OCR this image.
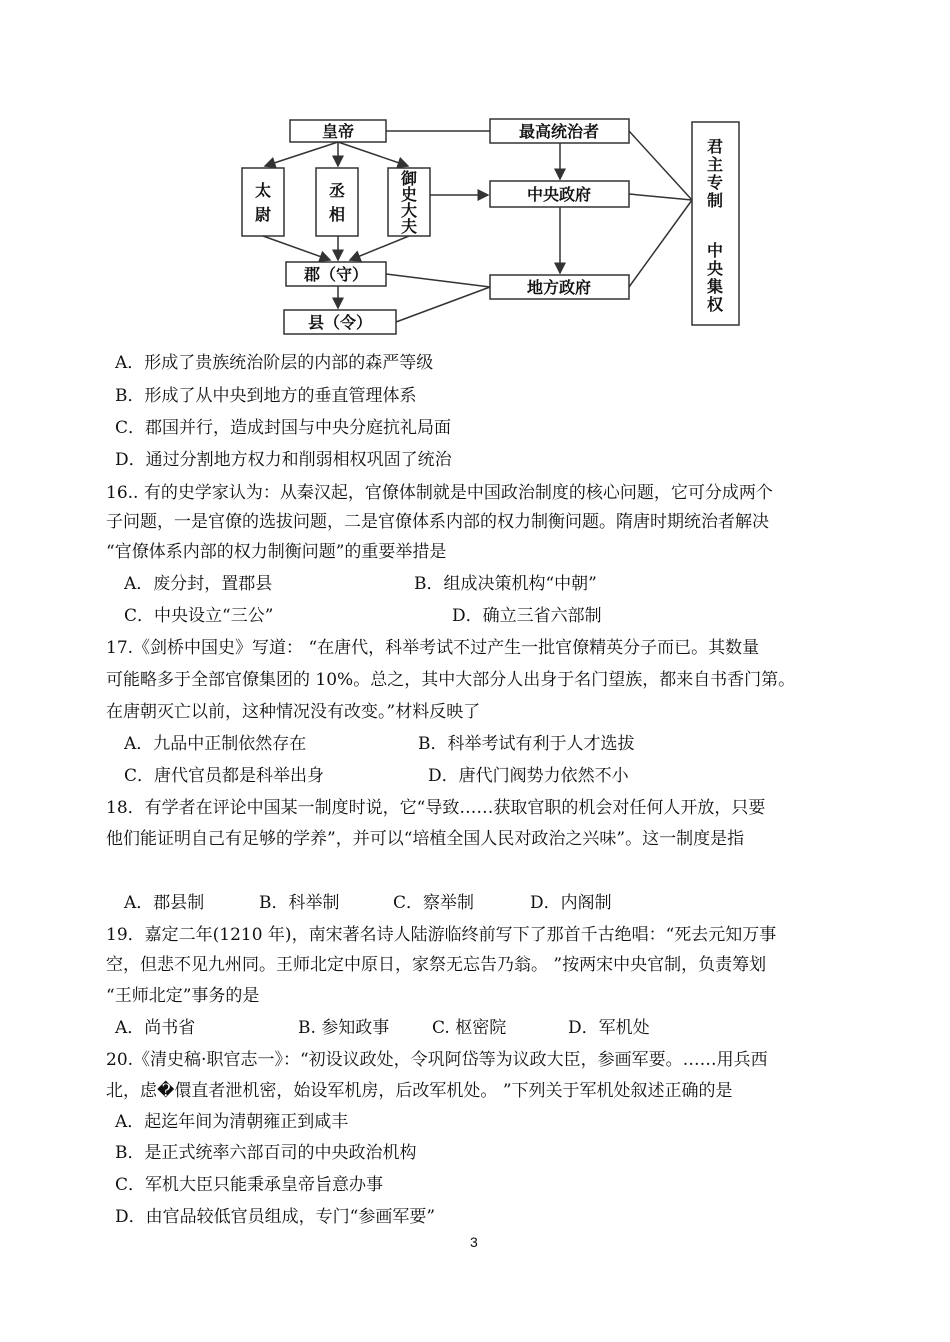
皇帝	最高统治者
太
尉
丞
相
御
史
大
夫
中央政府
郡（守）
地方政府
县（令）
君
主
专
制
中
央
集
权
A．形成了贵族统治阶层的内部的森严等级
B．形成了从中央到地方的垂直管理体系
C．郡国并行，造成封国与中央分庭抗礼局面
D．通过分割地方权力和削弱相权巩固了统治
16.. 有的史学家认为：从秦汉起，官僚体制就是中国政治制度的核心问题，它可分成两个
子问题，一是官僚的选拔问题，二是官僚体系内部的权力制衡问题。隋唐时期统治者解决
“官僚体系内部的权力制衡问题”的重要举措是
A．废分封，置郡县	B．组成决策机构“中朝”
C．中央设立“三公”	D．确立三省六部制
17.《剑桥中国史》写道： “在唐代，科举考试不过产生一批官僚精英分子而已。其数量
可能略多于全部官僚集团的 10%。总之，其中大部分人出身于名门望族，都来自书香门第。
在唐朝灭亡以前，这种情况没有改变。”材料反映了
A．九品中正制依然存在	B．科举考试有利于人才选拔
C．唐代官员都是科举出身	D．唐代门阀势力依然不小
18．有学者在评论中国某一制度时说，它“导致……获取官职的机会对任何人开放，只要
他们能证明自己有足够的学养”，并可以“培植全国人民对政治之兴味”。这一制度是指
A．郡县制	B．科举制	C．察举制	D．内阁制
19．嘉定二年(1210 年)，南宋著名诗人陆游临终前写下了那首千古绝唱：“死去元知万事
空，但悲不见九州同。王师北定中原日，家祭无忘告乃翁。 ”按两宋中央官制，负责筹划
“王师北定”事务的是
A．尚书省	B. 参知政事	C. 枢密院	D．军机处
20.《清史稿·职官志一》：“初设议政处，令巩阿岱等为议政大臣，参画军要。……用兵西
北，虑�儇直者泄机密，始设军机房，后改军机处。 ”下列关于军机处叙述正确的是
A．起迄年间为清朝雍正到咸丰
B．是正式统率六部百司的中央政治机构
C．军机大臣只能秉承皇帝旨意办事
D．由官品较低官员组成，专门“参画军要”
3
